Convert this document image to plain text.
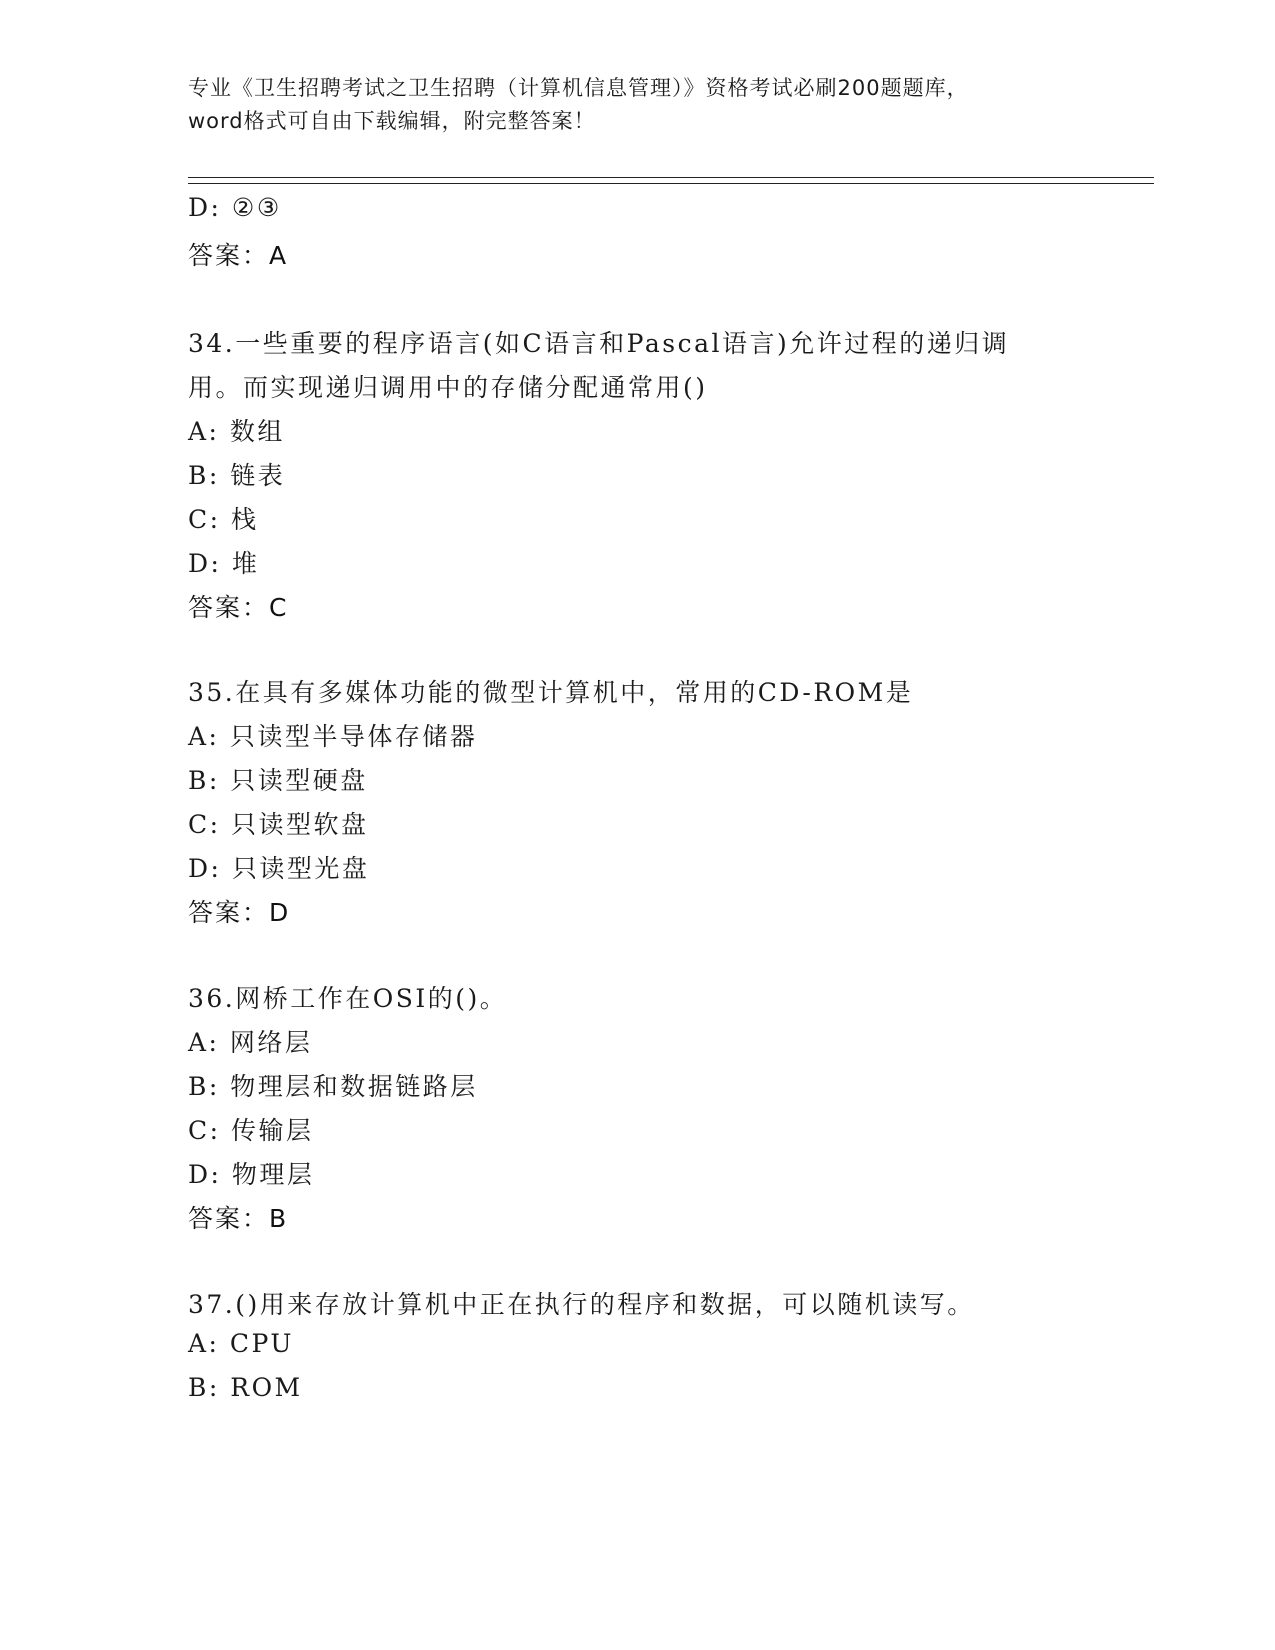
专业《卫生招聘考试之卫生招聘（计算机信息管理）》资格考试必刷200题题库，
word格式可自由下载编辑，附完整答案！
D: ②③
答案：A
34.一些重要的程序语言(如C语言和Pascal语言)允许过程的递归调
用。而实现递归调用中的存储分配通常用()
A: 数组
B: 链表
C: 栈
D: 堆
答案：C
35.在具有多媒体功能的微型计算机中，常用的CD-ROM是
A: 只读型半导体存储器
B: 只读型硬盘
C: 只读型软盘
D: 只读型光盘
答案：D
36.网桥工作在OSI的()。
A: 网络层
B: 物理层和数据链路层
C: 传输层
D: 物理层
答案：B
37.()用来存放计算机中正在执行的程序和数据，可以随机读写。
A: CPU
B: ROM
